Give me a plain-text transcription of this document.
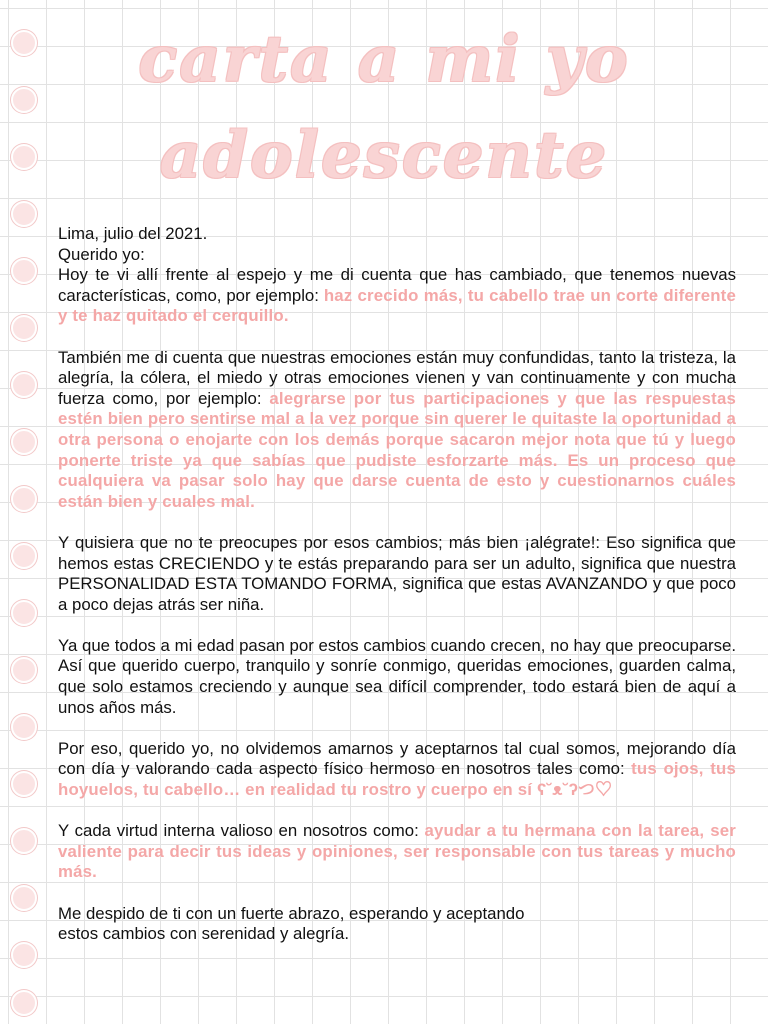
carta a mi yo
adolescente

Lima, julio del 2021.

Querido yo:

Hoy te vi allí frente al espejo y me di cuenta que has cambiado, que tenemos nuevas características, como, por ejemplo: haz crecido más, tu cabello trae un corte diferente y te haz quitado el cerquillo.

También me di cuenta que nuestras emociones están muy confundidas, tanto la tristeza, la alegría, la cólera, el miedo y otras emociones vienen y van continuamente y con mucha fuerza como, por ejemplo: alegrarse por tus participaciones y que las respuestas estén bien pero sentirse mal a la vez porque sin querer le quitaste la oportunidad a otra persona o enojarte con los demás porque sacaron mejor nota que tú y luego ponerte triste ya que sabías que pudiste esforzarte más. Es un proceso que cualquiera va pasar solo hay que darse cuenta de esto y cuestionarnos cuáles están bien y cuales mal.

Y quisiera que no te preocupes por esos cambios; más bien ¡alégrate!: Eso significa que hemos estas CRECIENDO y te estás preparando para ser un adulto, significa que nuestra PERSONALIDAD ESTA TOMANDO FORMA, significa que estas AVANZANDO y que poco a poco dejas atrás ser niña.

Ya que todos a mi edad pasan por estos cambios cuando crecen, no hay que preocuparse. Así que querido cuerpo, tranquilo y sonríe conmigo, queridas emociones, guarden calma, que solo estamos creciendo y aunque sea difícil comprender, todo estará bien de aquí a unos años más.

Por eso, querido yo, no olvidemos amarnos y aceptarnos tal cual somos, mejorando día con día y valorando cada aspecto físico hermoso en nosotros tales como: tus ojos, tus hoyuelos, tu cabello… en realidad tu rostro y cuerpo en sí ʕ˘ᴥ˘ʔつ♡

Y cada virtud interna valioso en nosotros como: ayudar a tu hermana con la tarea, ser valiente para decir tus ideas y opiniones, ser responsable con tus tareas y mucho más.

Me despido de ti con un fuerte abrazo, esperando y aceptando

estos cambios con serenidad y alegría.
